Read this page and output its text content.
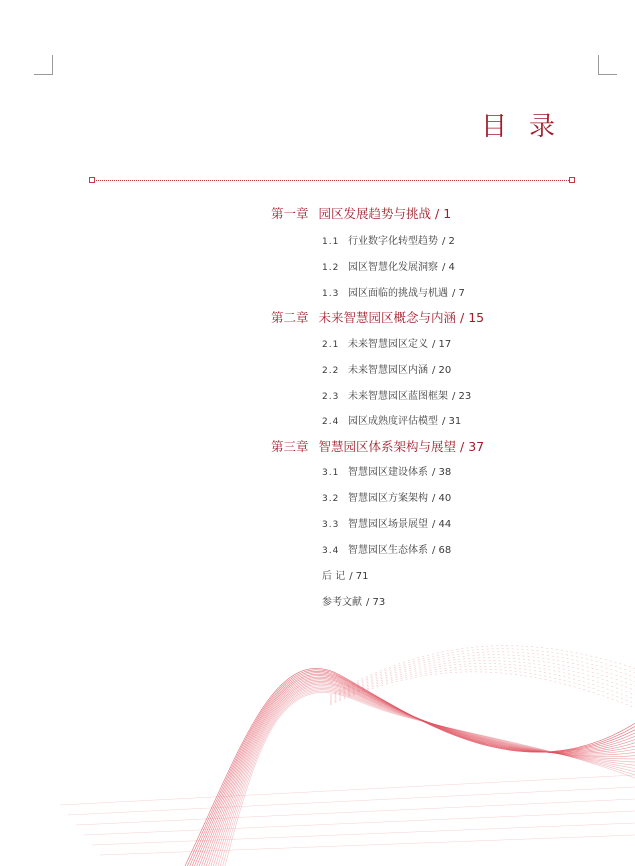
目录
第一章 园区发展趋势与挑战 / 1
1.1 行业数字化转型趋势 / 2
1.2 园区智慧化发展洞察 / 4
1.3 园区面临的挑战与机遇 / 7
第二章 未来智慧园区概念与内涵 / 15
2.1 未来智慧园区定义 / 17
2.2 未来智慧园区内涵 / 20
2.3 未来智慧园区蓝图框架 / 23
2.4 园区成熟度评估模型 / 31
第三章 智慧园区体系架构与展望 / 37
3.1 智慧园区建设体系 / 38
3.2 智慧园区方案架构 / 40
3.3 智慧园区场景展望 / 44
3.4 智慧园区生态体系 / 68
后 记 / 71
参考文献 / 73
